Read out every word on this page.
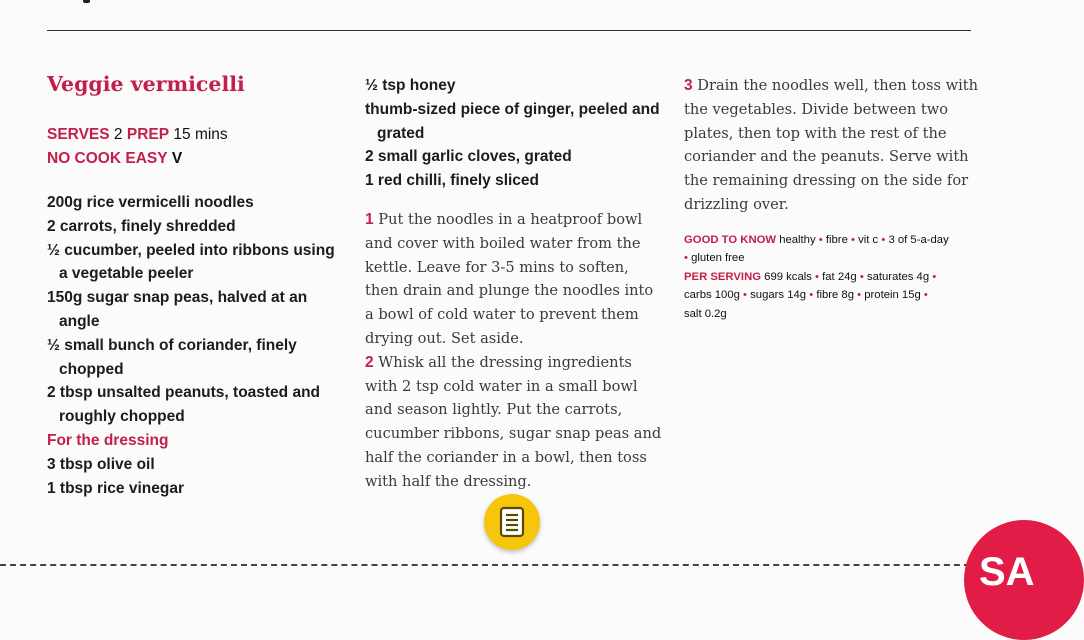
Veggie vermicelli
SERVES 2 PREP 15 mins
NO COOK EASY V
200g rice vermicelli noodles
2 carrots, finely shredded
½ cucumber, peeled into ribbons using a vegetable peeler
150g sugar snap peas, halved at an angle
½ small bunch of coriander, finely chopped
2 tbsp unsalted peanuts, toasted and roughly chopped
For the dressing
3 tbsp olive oil
1 tbsp rice vinegar
½ tsp honey
thumb-sized piece of ginger, peeled and grated
2 small garlic cloves, grated
1 red chilli, finely sliced

1 Put the noodles in a heatproof bowl and cover with boiled water from the kettle. Leave for 3-5 mins to soften, then drain and plunge the noodles into a bowl of cold water to prevent them drying out. Set aside.

2 Whisk all the dressing ingredients with 2 tsp cold water in a small bowl and season lightly. Put the carrots, cucumber ribbons, sugar snap peas and half the coriander in a bowl, then toss with half the dressing.

3 Drain the noodles well, then toss with the vegetables. Divide between two plates, then top with the rest of the coriander and the peanuts. Serve with the remaining dressing on the side for drizzling over.

GOOD TO KNOW healthy • fibre • vit c • 3 of 5-a-day
• gluten free
PER SERVING 699 kcals • fat 24g • saturates 4g •
carbs 100g • sugars 14g • fibre 8g • protein 15g •
salt 0.2g
SA
